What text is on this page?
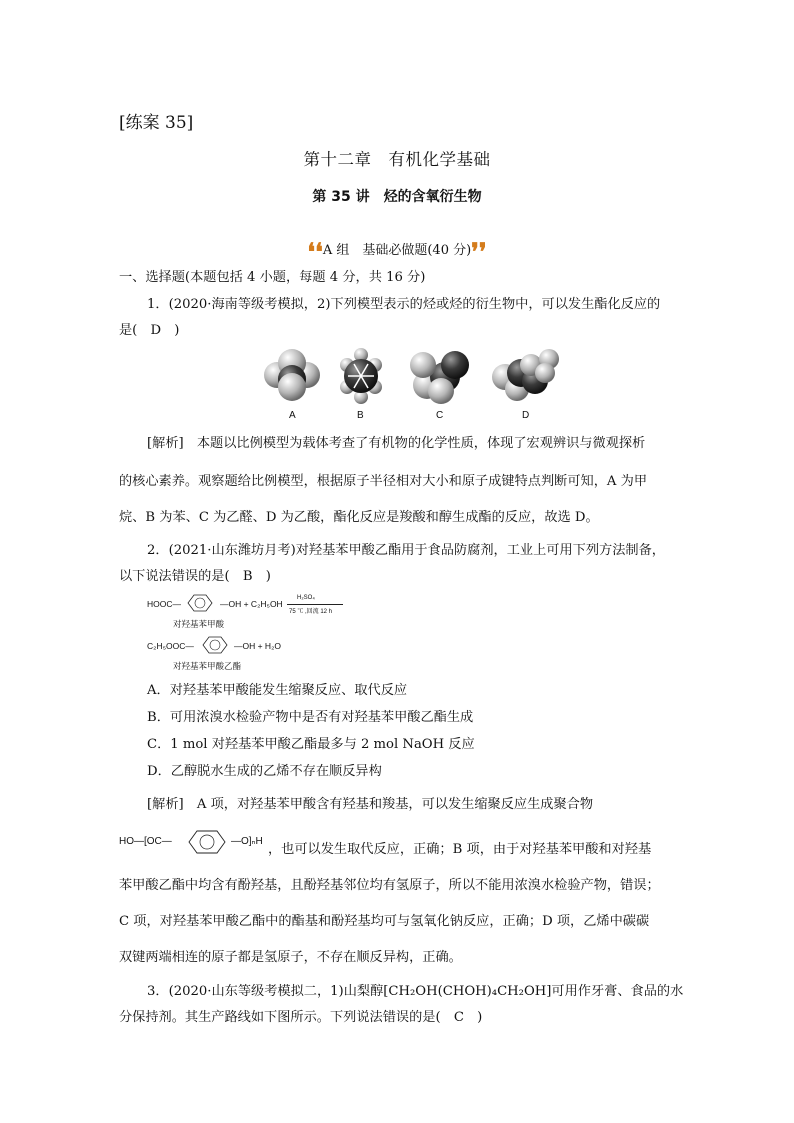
[练案 35]
第十二章　有机化学基础
第 35 讲　烃的含氧衍生物
❛❛A 组　基础必做题(40 分)❜❜
一、选择题(本题包括 4 小题，每题 4 分，共 16 分)
1．(2020·海南等级考模拟，2)下列模型表示的烃或烃的衍生物中，可以发生酯化反应的
是(　D　)
A	B	C	D
[解析]　本题以比例模型为载体考查了有机物的化学性质，体现了宏观辨识与微观探析
的核心素养。观察题给比例模型，根据原子半径相对大小和原子成键特点判断可知，A 为甲
烷、B 为苯、C 为乙醛、D 为乙酸，酯化反应是羧酸和醇生成酯的反应，故选 D。
2．(2021·山东潍坊月考)对羟基苯甲酸乙酯用于食品防腐剂，工业上可用下列方法制备，
以下说法错误的是(　B　)
HOOC—	—OH + C₂H₅OH
H₂SO₄
75 ℃ ,回流 12 h
对羟基苯甲酸
C₂H₅OOC—	—OH + H₂O
对羟基苯甲酸乙酯
A．对羟基苯甲酸能发生缩聚反应、取代反应
B．可用浓溴水检验产物中是否有对羟基苯甲酸乙酯生成
C．1 mol 对羟基苯甲酸乙酯最多与 2 mol NaOH 反应
D．乙醇脱水生成的乙烯不存在顺反异构
[解析]　A 项，对羟基苯甲酸含有羟基和羧基，可以发生缩聚反应生成聚合物
HO—[OC—	—O]ₙH
，也可以发生取代反应，正确；B 项，由于对羟基苯甲酸和对羟基
苯甲酸乙酯中均含有酚羟基，且酚羟基邻位均有氢原子，所以不能用浓溴水检验产物，错误；
C 项，对羟基苯甲酸乙酯中的酯基和酚羟基均可与氢氧化钠反应，正确；D 项，乙烯中碳碳
双键两端相连的原子都是氢原子，不存在顺反异构，正确。
3．(2020·山东等级考模拟二，1)山梨醇[CH₂OH(CHOH)₄CH₂OH]可用作牙膏、食品的水
分保持剂。其生产路线如下图所示。下列说法错误的是(　C　)
